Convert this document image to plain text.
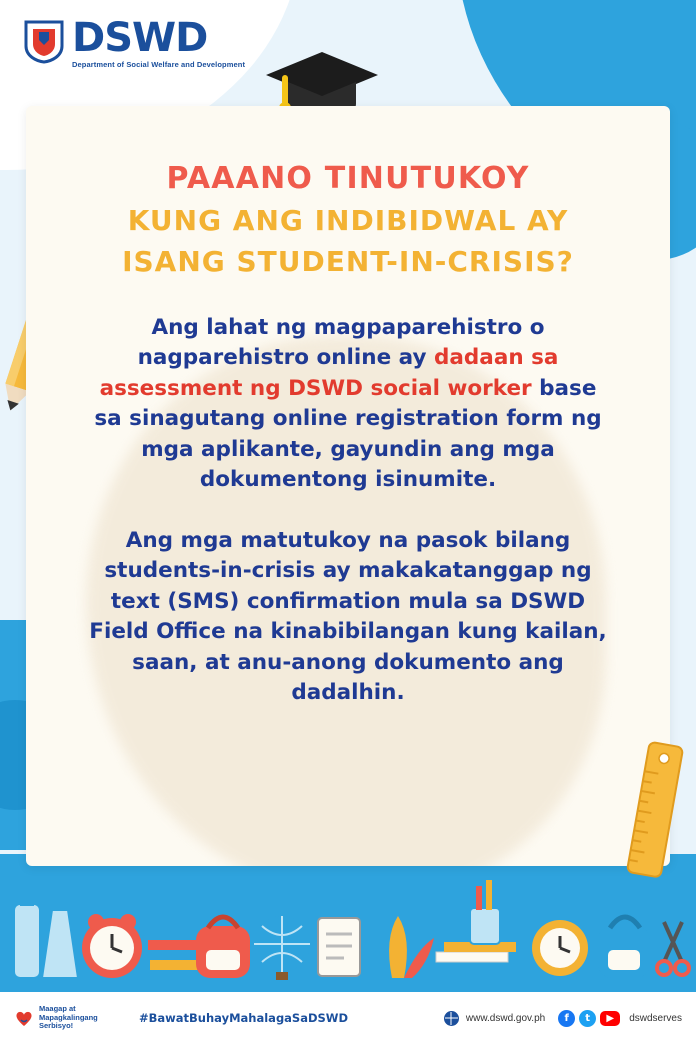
DSWD
Department of Social Welfare and Development
PAAANO TINUTUKOY
KUNG ANG INDIBIDWAL AY
ISANG STUDENT-IN-CRISIS?
Ang lahat ng magpaparehistro o nagparehistro online ay dadaan sa assessment ng DSWD social worker base sa sinagutang online registration form ng mga aplikante, gayundin ang mga dokumentong isinumite.
Ang mga matutukoy na pasok bilang students-in-crisis ay makakatanggap ng text (SMS) confirmation mula sa DSWD Field Office na kinabibilangan kung kailan, saan, at anu-anong dokumento ang dadalhin.
Maagap at Mapagkalingang Serbisyo!
#BawatBuhayMahalagaSaDSWD	www.dswd.gov.ph	f	t	▶	dswdserves
